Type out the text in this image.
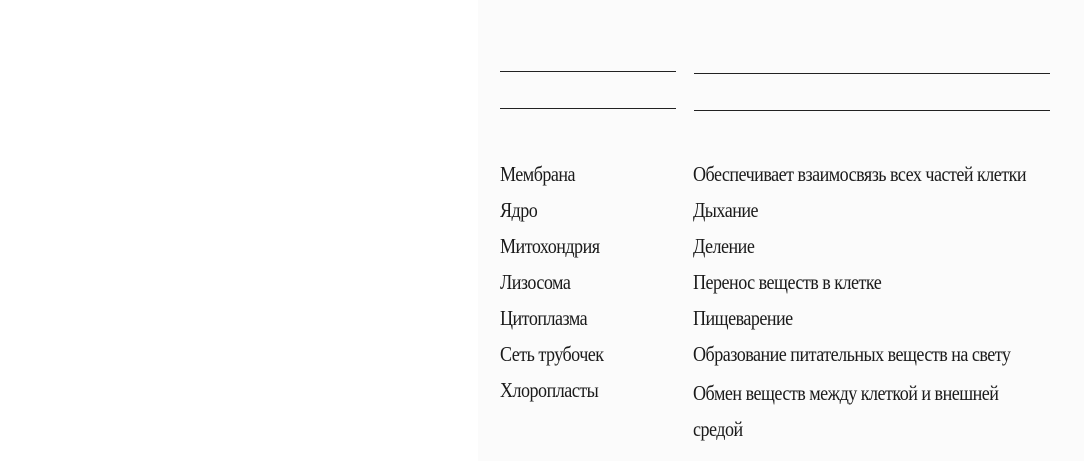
Мембрана
Ядро
Митохондрия
Лизосома
Цитоплазма
Сеть трубочек
Хлоропласты
Обеспечивает взаимосвязь всех частей клетки
Дыхание
Деление
Перенос веществ в клетке
Пищеварение
Образование питательных веществ на свету
Обмен веществ между клеткой и внешней средой
